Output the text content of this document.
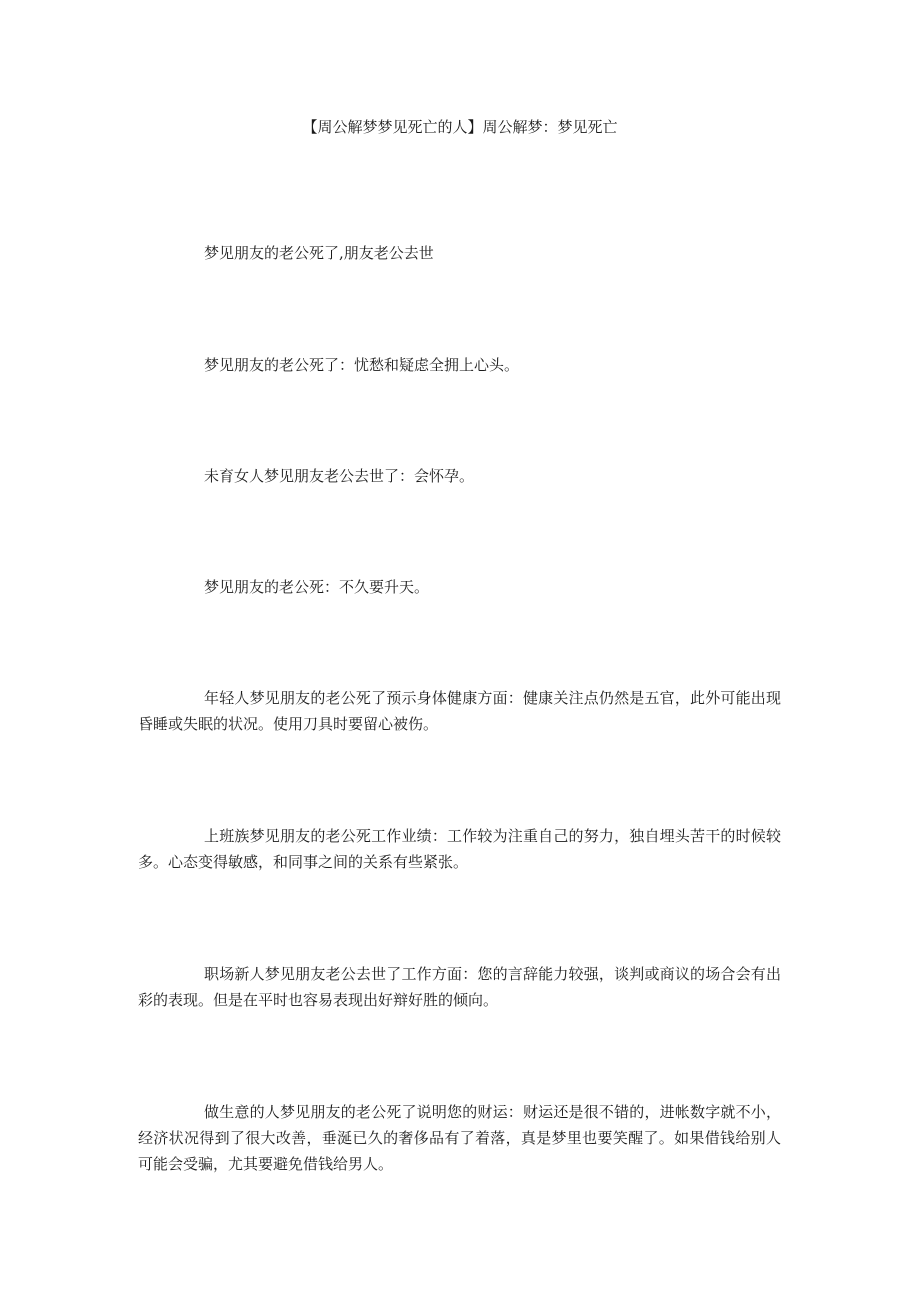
【周公解梦梦见死亡的人】周公解梦：梦见死亡

梦见朋友的老公死了,朋友老公去世

梦见朋友的老公死了：忧愁和疑虑全拥上心头。

未育女人梦见朋友老公去世了：会怀孕。

梦见朋友的老公死：不久要升天。

年轻人梦见朋友的老公死了预示身体健康方面：健康关注点仍然是五官，此外可能出现昏睡或失眠的状况。使用刀具时要留心被伤。

上班族梦见朋友的老公死工作业绩：工作较为注重自己的努力，独自埋头苦干的时候较多。心态变得敏感，和同事之间的关系有些紧张。

职场新人梦见朋友老公去世了工作方面：您的言辞能力较强，谈判或商议的场合会有出彩的表现。但是在平时也容易表现出好辩好胜的倾向。

做生意的人梦见朋友的老公死了说明您的财运：财运还是很不错的，进帐数字就不小，经济状况得到了很大改善，垂涎已久的奢侈品有了着落，真是梦里也要笑醒了。如果借钱给别人可能会受骗，尤其要避免借钱给男人。
